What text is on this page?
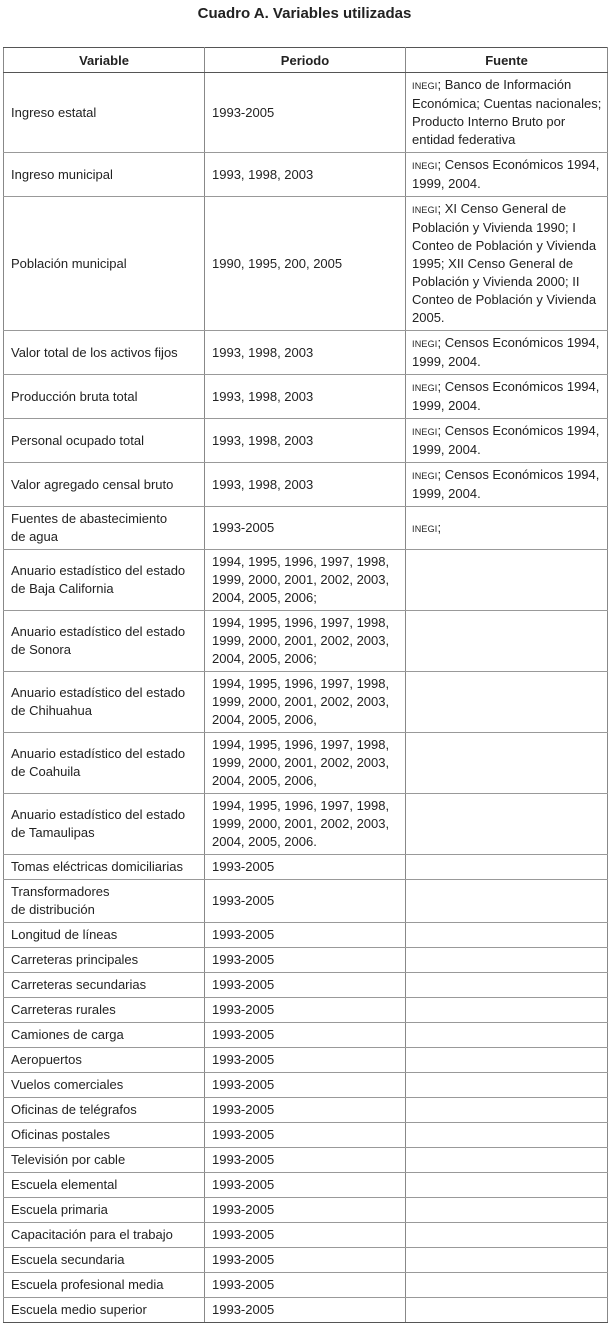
Cuadro A. Variables utilizadas
Variable	Periodo	Fuente
Ingreso estatal	1993-2005	INEGI; Banco de Información Económica; Cuentas nacionales; Producto Interno Bruto por entidad federativa
Ingreso municipal	1993, 1998, 2003	INEGI; Censos Económicos 1994, 1999, 2004.
Población municipal	1990, 1995, 200, 2005	INEGI; XI Censo General de Población y Vivienda 1990; I Conteo de Población y Vivienda 1995; XII Censo General de Población y Vivienda 2000; II Conteo de Población y Vivienda 2005.
Valor total de los activos fijos	1993, 1998, 2003	INEGI; Censos Económicos 1994, 1999, 2004.
Producción bruta total	1993, 1998, 2003	INEGI; Censos Económicos 1994, 1999, 2004.
Personal ocupado total	1993, 1998, 2003	INEGI; Censos Económicos 1994, 1999, 2004.
Valor agregado censal bruto	1993, 1998, 2003	INEGI; Censos Económicos 1994, 1999, 2004.
Fuentes de abastecimiento
de agua	1993-2005	INEGI;
Anuario estadístico del estado de Baja California	1994, 1995, 1996, 1997, 1998, 1999, 2000, 2001, 2002, 2003, 2004, 2005, 2006;	
Anuario estadístico del estado de Sonora	1994, 1995, 1996, 1997, 1998, 1999, 2000, 2001, 2002, 2003, 2004, 2005, 2006;	
Anuario estadístico del estado de Chihuahua	1994, 1995, 1996, 1997, 1998, 1999, 2000, 2001, 2002, 2003, 2004, 2005, 2006,	
Anuario estadístico del estado de Coahuila	1994, 1995, 1996, 1997, 1998, 1999, 2000, 2001, 2002, 2003, 2004, 2005, 2006,	
Anuario estadístico del estado de Tamaulipas	1994, 1995, 1996, 1997, 1998, 1999, 2000, 2001, 2002, 2003, 2004, 2005, 2006.	
Tomas eléctricas domiciliarias	1993-2005	
Transformadores
de distribución	1993-2005	
Longitud de líneas	1993-2005	
Carreteras principales	1993-2005	
Carreteras secundarias	1993-2005	
Carreteras rurales	1993-2005	
Camiones de carga	1993-2005	
Aeropuertos	1993-2005	
Vuelos comerciales	1993-2005	
Oficinas de telégrafos	1993-2005	
Oficinas postales	1993-2005	
Televisión por cable	1993-2005	
Escuela elemental	1993-2005	
Escuela primaria	1993-2005	
Capacitación para el trabajo	1993-2005	
Escuela secundaria	1993-2005	
Escuela profesional media	1993-2005	
Escuela medio superior	1993-2005	
